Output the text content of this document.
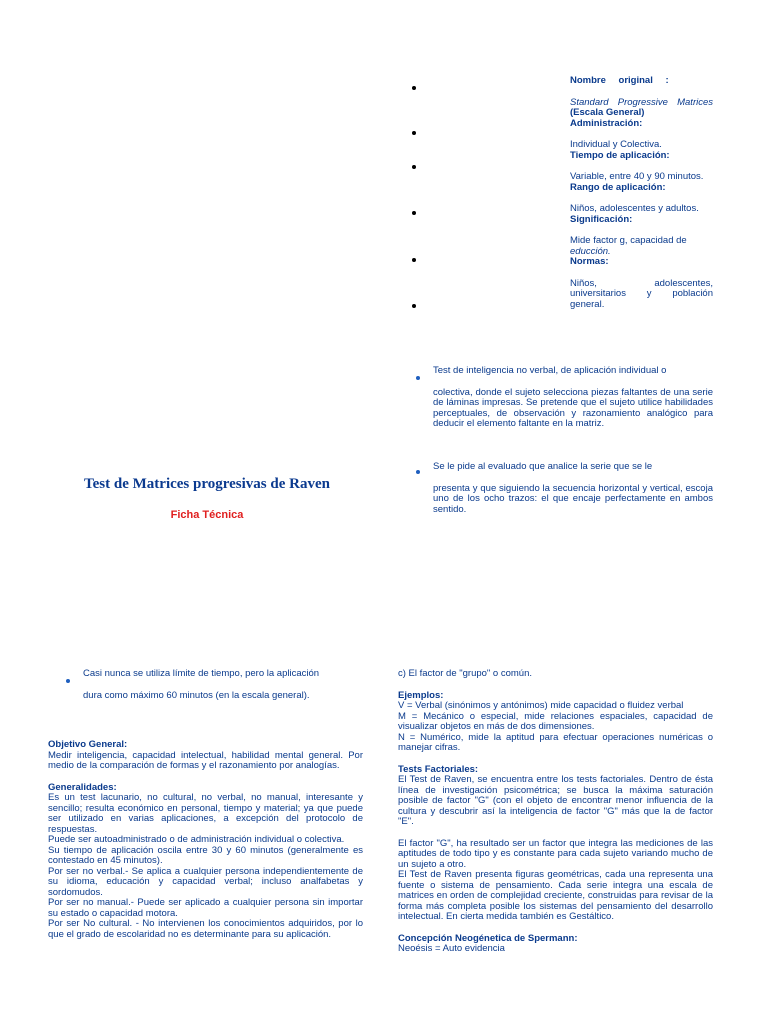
Nombre original :

Standard Progressive Matrices (Escala General)

Administración:

Individual y Colectiva.

Tiempo de aplicación:

Variable, entre 40 y 90 minutos.

Rango de aplicación:

Niños, adolescentes y adultos.

Significación:

Mide factor g, capacidad de educción.

Normas:

Niños, adolescentes, universitarios y población general.

Test de inteligencia no verbal, de aplicación individual o

colectiva, donde el sujeto selecciona piezas faltantes de una serie de láminas impresas. Se pretende que el sujeto utilice habilidades perceptuales, de observación y razonamiento analógico para deducir el elemento faltante en la matriz.

Se le pide al evaluado que analice la serie que se le

presenta y que siguiendo la secuencia horizontal y vertical, escoja uno de los ocho trazos: el que encaje perfectamente en ambos sentido.

Test de Matrices progresivas de Raven
Ficha Técnica

Casi nunca se utiliza límite de tiempo, pero la aplicación

dura como máximo 60 minutos (en la escala general).

Objetivo General:

Medir inteligencia, capacidad intelectual, habilidad mental general. Por medio de la comparación de formas y el razonamiento por analogías.

Generalidades:

Es un test lacunario, no cultural, no verbal, no manual, interesante y sencillo; resulta económico en personal, tiempo y material; ya que puede ser utilizado en varias aplicaciones, a excepción del protocolo de respuestas.

Puede ser autoadministrado o de administración individual o colectiva.

Su tiempo de aplicación oscila entre 30 y 60 minutos (generalmente es contestado en 45 minutos).

Por ser no verbal.- Se aplica a cualquier persona independientemente de su idioma, educación y capacidad verbal; incluso analfabetas y sordomudos.

Por ser no manual.- Puede ser aplicado a cualquier persona sin importar su estado o capacidad motora.

Por ser No cultural. - No intervienen los conocimientos adquiridos, por lo que el grado de escolaridad no es determinante para su aplicación.

c) El factor de "grupo" o común.

Ejemplos:

V = Verbal (sinónimos y antónimos) mide capacidad o fluidez verbal

M = Mecánico o especial, mide relaciones espaciales, capacidad de visualizar objetos en más de dos dimensiones.

N = Numérico, mide la aptitud para efectuar operaciones numéricas o manejar cifras.

Tests Factoriales:

El Test de Raven, se encuentra entre los tests factoriales. Dentro de ésta línea de investigación psicométrica; se busca la máxima saturación posible de factor "G" (con el objeto de encontrar menor influencia de la cultura y descubrir así la inteligencia de factor "G" más que la de factor "E".

El factor "G", ha resultado ser un factor que integra las mediciones de las aptitudes de todo tipo y es constante para cada sujeto variando mucho de un sujeto a otro.

El Test de Raven presenta figuras geométricas, cada una representa una fuente o sistema de pensamiento. Cada serie integra una escala de matrices en orden de complejidad creciente, construidas para revisar de la forma más completa posible los sistemas del pensamiento del desarrollo intelectual. En cierta medida también es Gestáltico.

Concepción Neogénetica de Spermann:

Neoésis = Auto evidencia
